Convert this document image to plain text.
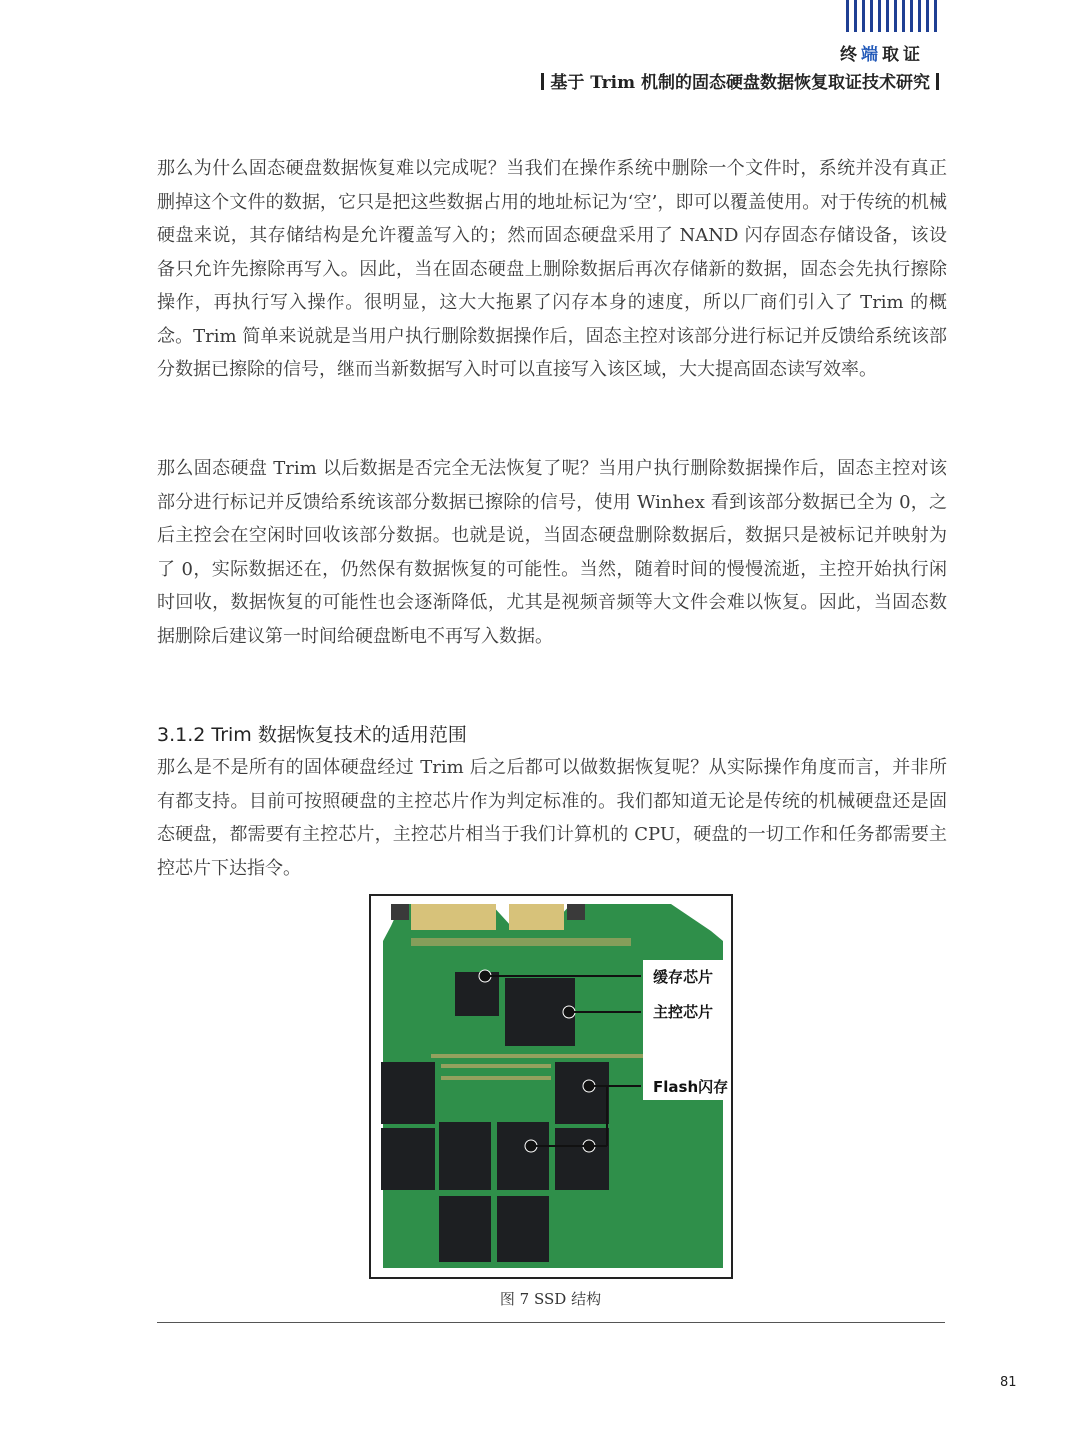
终端取证
基于 Trim 机制的固态硬盘数据恢复取证技术研究

那么为什么固态硬盘数据恢复难以完成呢？当我们在操作系统中删除一个文件时，系统并没有真正删掉这个文件的数据，它只是把这些数据占用的地址标记为‘空’，即可以覆盖使用。对于传统的机械硬盘来说，其存储结构是允许覆盖写入的；然而固态硬盘采用了 NAND 闪存固态存储设备，该设备只允许先擦除再写入。因此，当在固态硬盘上删除数据后再次存储新的数据，固态会先执行擦除操作，再执行写入操作。很明显，这大大拖累了闪存本身的速度，所以厂商们引入了 Trim 的概念。Trim 简单来说就是当用户执行删除数据操作后，固态主控对该部分进行标记并反馈给系统该部分数据已擦除的信号，继而当新数据写入时可以直接写入该区域，大大提高固态读写效率。

那么固态硬盘 Trim 以后数据是否完全无法恢复了呢？当用户执行删除数据操作后，固态主控对该部分进行标记并反馈给系统该部分数据已擦除的信号，使用 Winhex 看到该部分数据已全为 0，之后主控会在空闲时回收该部分数据。也就是说，当固态硬盘删除数据后，数据只是被标记并映射为了 0，实际数据还在，仍然保有数据恢复的可能性。当然，随着时间的慢慢流逝，主控开始执行闲时回收，数据恢复的可能性也会逐渐降低，尤其是视频音频等大文件会难以恢复。因此，当固态数据删除后建议第一时间给硬盘断电不再写入数据。

3.1.2 Trim 数据恢复技术的适用范围

那么是不是所有的固体硬盘经过 Trim 后之后都可以做数据恢复呢？从实际操作角度而言，并非所有都支持。目前可按照硬盘的主控芯片作为判定标准的。我们都知道无论是传统的机械硬盘还是固态硬盘，都需要有主控芯片，主控芯片相当于我们计算机的 CPU，硬盘的一切工作和任务都需要主控芯片下达指令。

缓存芯片
主控芯片
Flash闪存
图 7 SSD 结构
81
